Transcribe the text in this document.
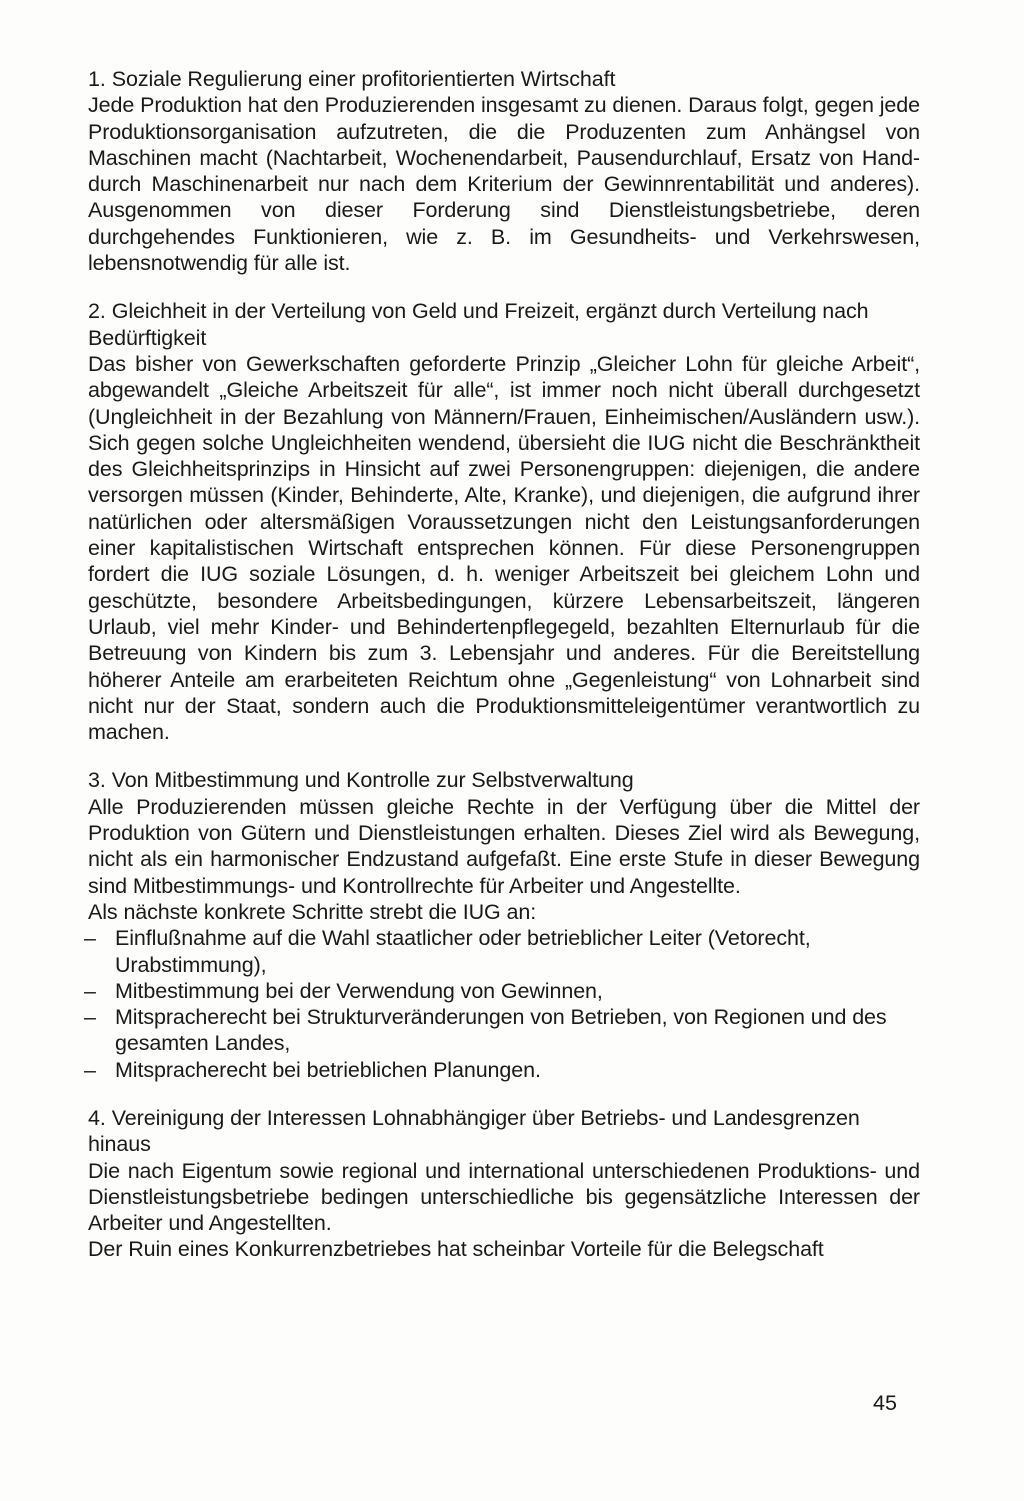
1. Soziale Regulierung einer profitorientierten Wirtschaft

Jede Produktion hat den Produzierenden insgesamt zu dienen. Daraus folgt, gegen jede Produktionsorganisation aufzutreten, die die Produzenten zum Anhängsel von Maschinen macht (Nachtarbeit, Wochenendarbeit, Pausendurchlauf, Ersatz von Hand- durch Maschinenarbeit nur nach dem Kriterium der Gewinnrentabilität und anderes). Ausgenommen von dieser Forderung sind Dienstleistungsbetriebe, deren durchgehendes Funktionieren, wie z. B. im Gesundheits- und Verkehrswesen, lebensnotwendig für alle ist.

2. Gleichheit in der Verteilung von Geld und Freizeit, ergänzt durch Verteilung nach Bedürftigkeit

Das bisher von Gewerkschaften geforderte Prinzip „Gleicher Lohn für gleiche Arbeit“, abgewandelt „Gleiche Arbeitszeit für alle“, ist immer noch nicht überall durchgesetzt (Ungleichheit in der Bezahlung von Männern/Frauen, Einheimischen/Ausländern usw.). Sich gegen solche Ungleichheiten wendend, übersieht die IUG nicht die Beschränktheit des Gleichheitsprinzips in Hinsicht auf zwei Personengruppen: diejenigen, die andere versorgen müssen (Kinder, Behinderte, Alte, Kranke), und diejenigen, die aufgrund ihrer natürlichen oder altersmäßigen Voraussetzungen nicht den Leistungsanforderungen einer kapitalistischen Wirtschaft entsprechen können. Für diese Personengruppen fordert die IUG soziale Lösungen, d. h. weniger Arbeitszeit bei gleichem Lohn und geschützte, besondere Arbeitsbedingungen, kürzere Lebensarbeitszeit, längeren Urlaub, viel mehr Kinder- und Behindertenpflegegeld, bezahlten Elternurlaub für die Betreuung von Kindern bis zum 3. Lebensjahr und anderes. Für die Bereitstellung höherer Anteile am erarbeiteten Reichtum ohne „Gegenleistung“ von Lohnarbeit sind nicht nur der Staat, sondern auch die Produktionsmitteleigentümer verantwortlich zu machen.

3. Von Mitbestimmung und Kontrolle zur Selbstverwaltung

Alle Produzierenden müssen gleiche Rechte in der Verfügung über die Mittel der Produktion von Gütern und Dienstleistungen erhalten. Dieses Ziel wird als Bewegung, nicht als ein harmonischer Endzustand aufgefaßt. Eine erste Stufe in dieser Bewegung sind Mitbestimmungs- und Kontrollrechte für Arbeiter und Angestellte.

Als nächste konkrete Schritte strebt die IUG an:

– Einflußnahme auf die Wahl staatlicher oder betrieblicher Leiter (Vetorecht, Urabstimmung),
– Mitbestimmung bei der Verwendung von Gewinnen,
– Mitspracherecht bei Strukturveränderungen von Betrieben, von Regionen und des gesamten Landes,
– Mitspracherecht bei betrieblichen Planungen.
4. Vereinigung der Interessen Lohnabhängiger über Betriebs- und Landesgrenzen hinaus

Die nach Eigentum sowie regional und international unterschiedenen Produktions- und Dienstleistungsbetriebe bedingen unterschiedliche bis gegensätzliche Interessen der Arbeiter und Angestellten.

Der Ruin eines Konkurrenzbetriebes hat scheinbar Vorteile für die Belegschaft

45
